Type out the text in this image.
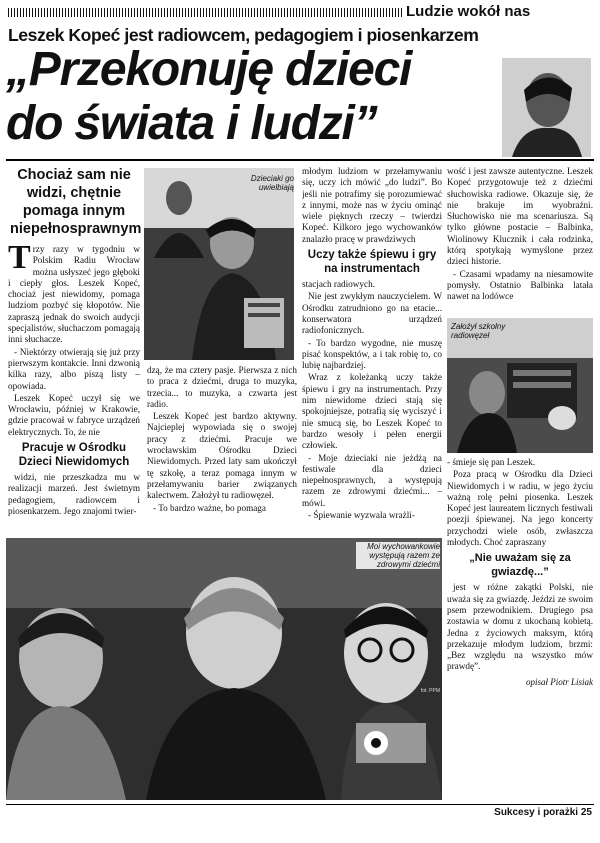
Ludzie wokół nas
Leszek Kopeć jest radiowcem, pedagogiem i piosenkarzem
„Przekonuję dzieci
do świata i ludzi”
Chociaż sam nie widzi, chętnie pomaga innym niepełnosprawnym

Trzy razy w tygodniu w Polskim Radiu Wrocław można usłyszeć jego głęboki i ciepły głos. Leszek Kopeć, chociaż jest niewidomy, pomaga ludziom pozbyć się kłopotów. Nie zapraszą jednak do swoich audycji specjalistów, słuchaczom pomagają inni słuchacze.

- Niektórzy otwierają się już przy pierwszym kontakcie. Inni dzwonią kilka razy, albo piszą listy – opowiada.

Leszek Kopeć uczył się we Wrocławiu, później w Krakowie, gdzie pracował w fabryce urządzeń elektrycznych. To, że nie

Pracuje w Ośrodku Dzieci Niewidomych

widzi, nie przeszkadza mu w realizacji marzeń. Jest świetnym pedagogiem, radiowcem i piosenkarzem. Jego znajomi twier-

Dzieciaki go uwielbiają

dzą, że ma cztery pasje. Pierwsza z nich to praca z dziećmi, druga to muzyka, trzecia... to muzyka, a czwarta jest radio.

Leszek Kopeć jest bardzo aktywny. Najcieplej wypowiada się o swojej pracy z dziećmi. Pracuje we wrocławskim Ośrodku Dzieci Niewidomych. Przed laty sam ukończył tę szkołę, a teraz pomaga innym w przełamywaniu barier związanych kalectwem. Założył tu radiowęzeł.

- To bardzo ważne, bo pomaga

młodym ludziom w przełamywaniu się, uczy ich mówić „do ludzi”. Bo jeśli nie potrafimy się porozumiewać z innymi, może nas w życiu ominąć wiele pięknych rzeczy – twierdzi Kopeć. Kilkoro jego wychowanków znalazło pracę w prawdziwych

Uczy także śpiewu i gry na instrumentach

stacjach radiowych.

Nie jest zwykłym nauczycielem. W Ośrodku zatrudniono go na etacie... konserwatora urządzeń radiofonicznych.

- To bardzo wygodne, nie muszę pisać konspektów, a i tak robię to, co lubię najbardziej.

Wraz z koleżanką uczy także śpiewu i gry na instrumentach. Przy nim niewidome dzieci stają się spokojniejsze, potrafią się wyciszyć i nie smucą się, bo Leszek Kopeć to bardzo wesoły i pełen energii człowiek.

- Moje dzieciaki nie jeżdżą na festiwale dla dzieci niepełnosprawnych, a występują razem ze zdrowymi dziećmi... – mówi.

- Śpiewanie wyzwala wrażli-

wość i jest zawsze autentyczne. Leszek Kopeć przygotowuje też z dziećmi słuchowiska radiowe. Okazuje się, że nie brakuje im wyobraźni. Słuchowisko nie ma scenariusza. Są tylko główne postacie – Balbinka, Wiolinowy Klucznik i cała rodzinka, którą spotykają wymyślone przez dzieci historie.

- Czasami wpadamy na niesamowite pomysły. Ostatnio Balbinka latała nawet na lodówce

Założył szkolny radiowęzeł

- śmieje się pan Leszek.

Poza pracą w Ośrodku dla Dzieci Niewidomych i w radiu, w jego życiu ważną rolę pełni piosenka. Leszek Kopeć jest laureatem licznych festiwali poezji śpiewanej. Na jego koncerty przychodzi wiele osób, zwłaszcza młodych. Choć zapraszany

„Nie uważam się za gwiazdę...”

jest w różne zakątki Polski, nie uważa się za gwiazdę. Jeździ ze swoim psem przewodnikiem. Drugiego psa zostawia w domu z ukochaną kobietą. Jedna z życiowych maksym, którą przekazuje młodym ludziom, brzmi: „Bez względu na wszystko mów prawdę”.

opisał Piotr Lisiak
Moi wychowankowie występują razem ze zdrowymi dziećmi
fot. PPM
Sukcesy i porażki 25
